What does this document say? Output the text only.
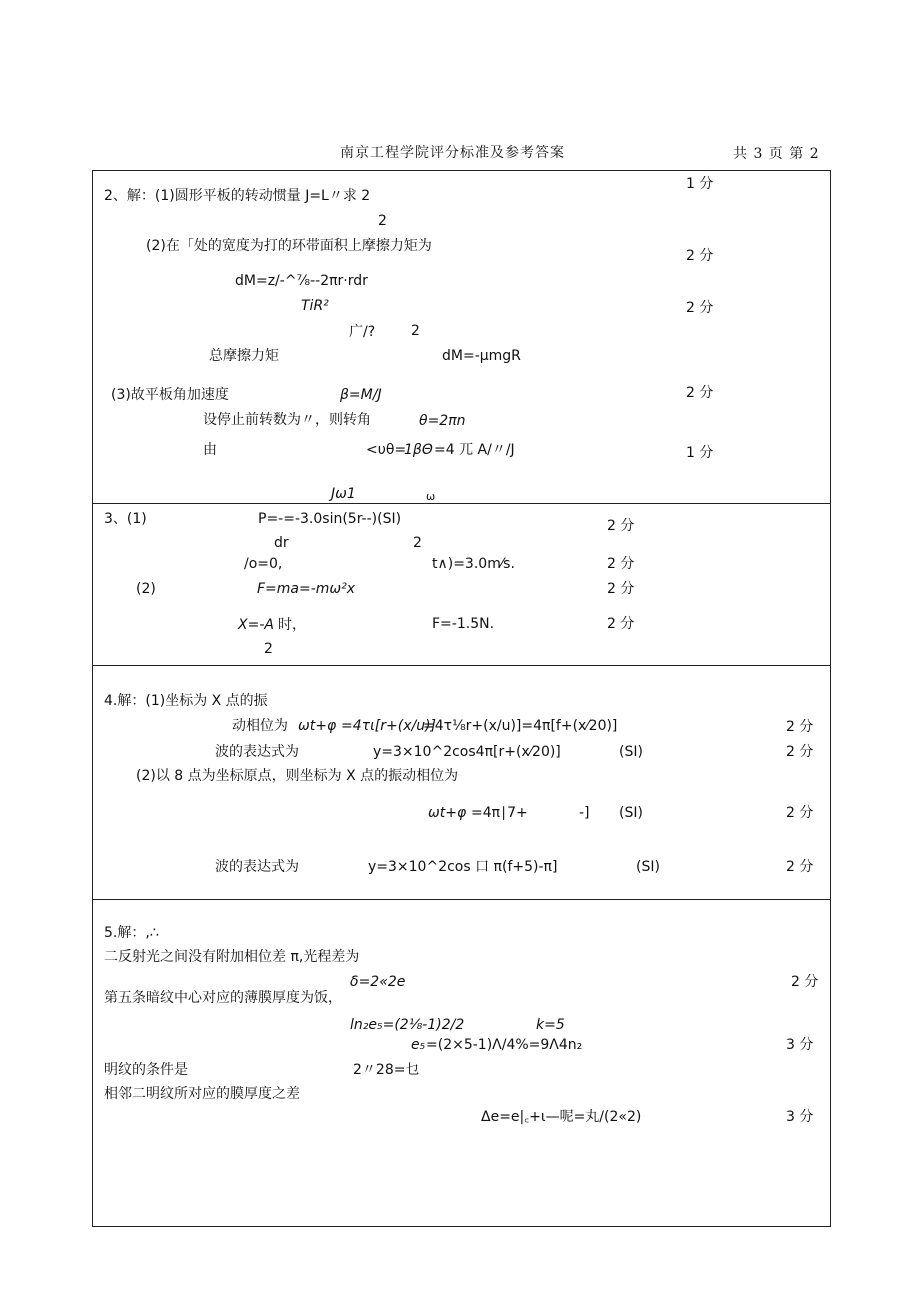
南京工程学院评分标准及参考答案	共 3 页 第 2
2、解：(1)圆形平板的转动惯量 J=L〃求 2
1 分
2
(2)在「处的宽度为打的环带面积上摩擦力矩为
2 分
dM=z/-^⅞--2πr·rdr
2 分
TiR²
广/?	2
总摩擦力矩	dM=-μmgR
(3)故平板角加速度	β=M/J	2 分
设停止前转数为〃，则转角	θ=2πn
由	<υθ=
1βΘ =4 兀 A/〃/J	1 分
Jω1	ω
3、(1)	P=-=-3.0sin(5r--)(SI)	2 分
dr	2
/o=0,	t∧)=3.0m⁄s.	2 分
(2)	F=ma=-mω²x	2 分
X=-A 时，	F=-1.5N.	2 分
2
4.解：(1)坐标为 X 点的振
动相位为 ωt+φ =4τι[r+(x/u)]
=4τ⅛r+(x/u)]=4π[f+(x⁄20)]	2 分
波的表达式为	y=3×10^2cos4π[r+(x⁄20)]	(SI)	2 分
(2)以 8 点为坐标原点，则坐标为 X 点的振动相位为
ωt+φ =4π∣7+	-] (SI)	2 分
波的表达式为	y=3×10^2cos 口 π(f+5)-π]	(SI)	2 分
5.解：,∴
二反射光之间没有附加相位差 π,光程差为
δ=2«2e	2 分
第五条暗纹中心对应的薄膜厚度为饭，
ln₂e₅=(2⅛-1)2/2	k=5
e₅ =(2×5-1)Λ/4%=9Λ4n₂	3 分
明纹的条件是	2〃28=乜
相邻二明纹所对应的膜厚度之差
Δe=e|꜀+ι—呢=丸/(2«2)	3 分
